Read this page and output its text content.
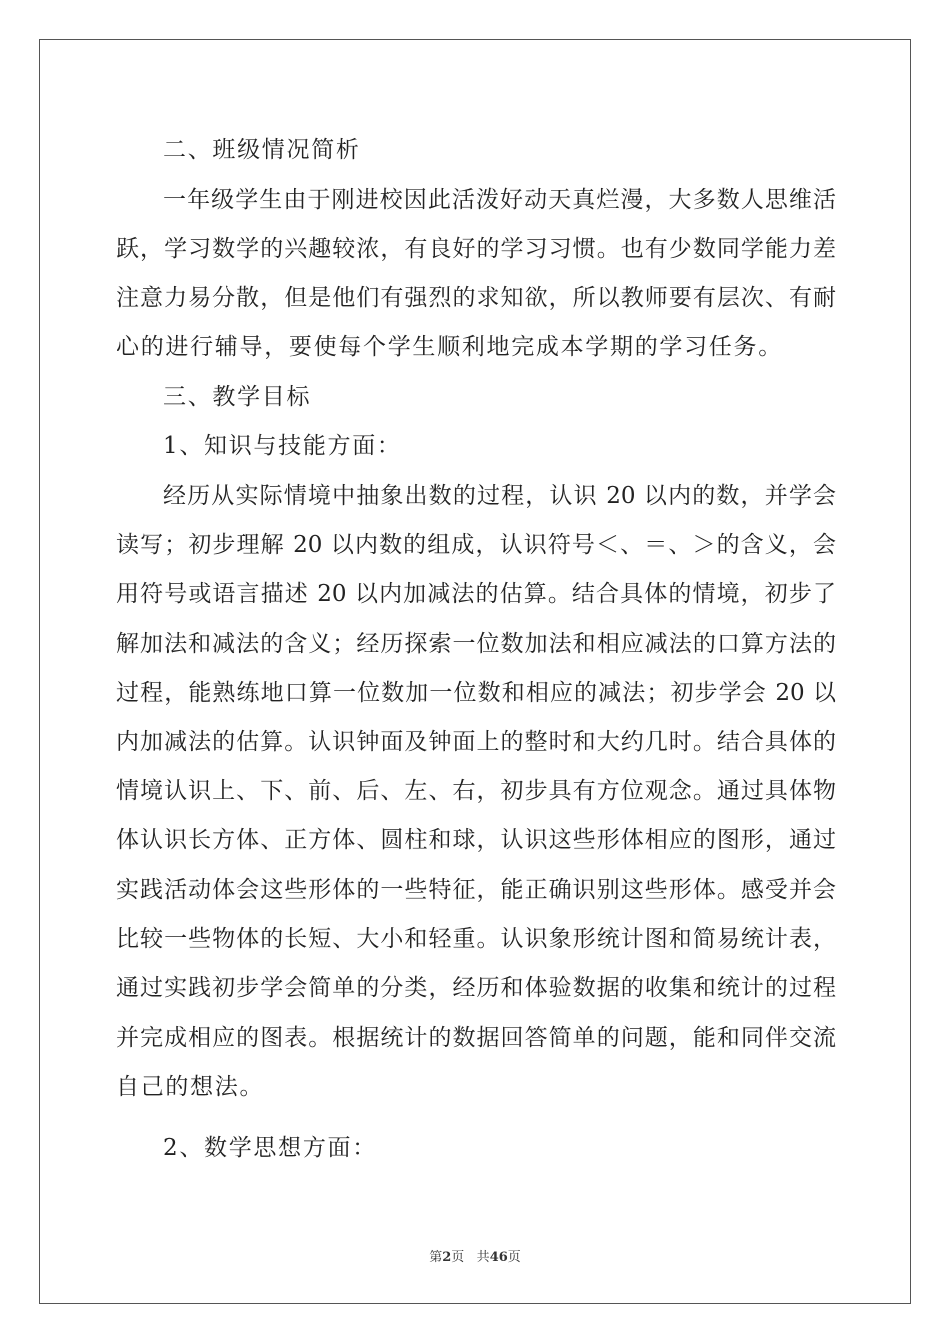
二、班级情况简析
一年级学生由于刚进校因此活泼好动天真烂漫，大多数人思维活
跃，学习数学的兴趣较浓，有良好的学习习惯。也有少数同学能力差
注意力易分散，但是他们有强烈的求知欲，所以教师要有层次、有耐
心的进行辅导，要使每个学生顺利地完成本学期的学习任务。
三、教学目标
1、知识与技能方面：
经历从实际情境中抽象出数的过程，认识 20 以内的数，并学会
读写；初步理解 20 以内数的组成，认识符号＜、＝、＞的含义，会
用符号或语言描述 20 以内加减法的估算。结合具体的情境，初步了
解加法和减法的含义；经历探索一位数加法和相应减法的口算方法的
过程，能熟练地口算一位数加一位数和相应的减法；初步学会 20 以
内加减法的估算。认识钟面及钟面上的整时和大约几时。结合具体的
情境认识上、下、前、后、左、右，初步具有方位观念。通过具体物
体认识长方体、正方体、圆柱和球，认识这些形体相应的图形，通过
实践活动体会这些形体的一些特征，能正确识别这些形体。感受并会
比较一些物体的长短、大小和轻重。认识象形统计图和简易统计表，
通过实践初步学会简单的分类，经历和体验数据的收集和统计的过程
并完成相应的图表。根据统计的数据回答简单的问题，能和同伴交流
自己的想法。
2、数学思想方面：
第2页 共46页
